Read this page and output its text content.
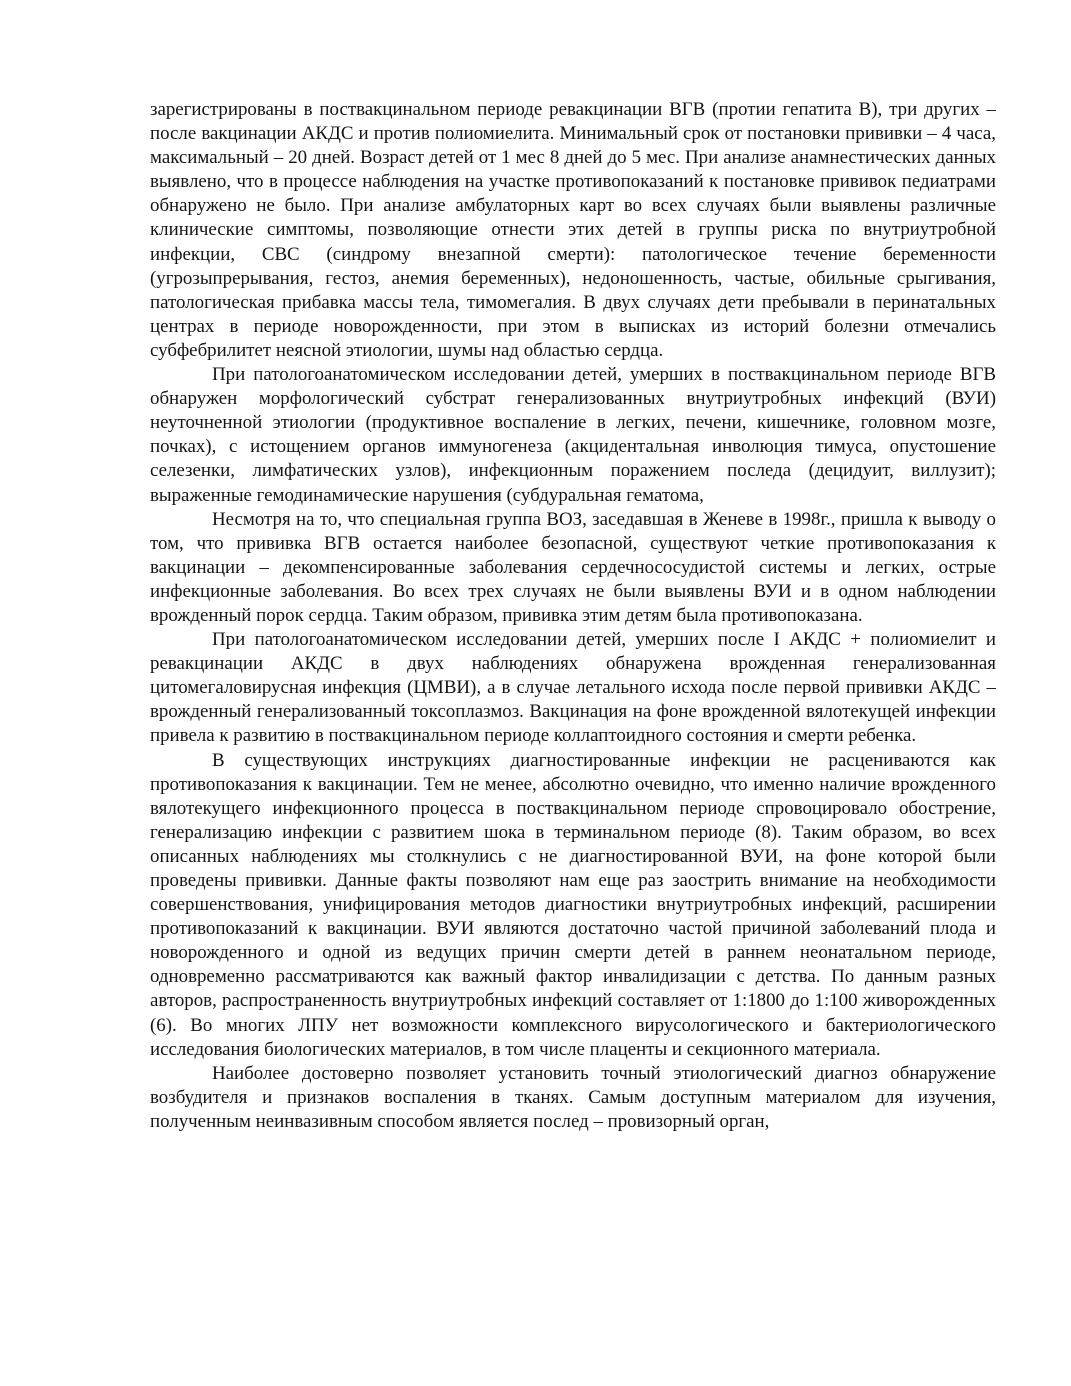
зарегистрированы в поствакцинальном периоде ревакцинации ВГВ (протии гепатита В), три других – после вакцинации АКДС и против полиомиелита. Минимальный срок от постановки прививки – 4 часа, максимальный – 20 дней. Возраст детей от 1 мес 8 дней до 5 мес. При анализе анамнестических данных выявлено, что в процессе наблюдения на участке противопоказаний к постановке прививок педиатрами обнаружено не было. При анализе амбулаторных карт во всех случаях были выявлены различные клинические симптомы, позволяющие отнести этих детей в группы риска по внутриутробной инфекции, СВС (синдрому внезапной смерти): патологическое течение беременности (угрозыпрерывания, гестоз, анемия беременных), недоношенность, частые, обильные срыгивания, патологическая прибавка массы тела, тимомегалия. В двух случаях дети пребывали в перинатальных центрах в периоде новорожденности, при этом в выписках из историй болезни отмечались субфебрилитет неясной этиологии, шумы над областью сердца.

При патологоанатомическом исследовании детей, умерших в поствакцинальном периоде ВГВ обнаружен морфологический субстрат генерализованных внутриутробных инфекций (ВУИ) неуточненной этиологии (продуктивное воспаление в легких, печени, кишечнике, головном мозге, почках), с истощением органов иммуногенеза (акцидентальная инволюция тимуса, опустошение селезенки, лимфатических узлов), инфекционным поражением последа (децидуит, виллузит); выраженные гемодинамические нарушения (субдуральная гематома,

Несмотря на то, что специальная группа ВОЗ, заседавшая в Женеве в 1998г., пришла к выводу о том, что прививка ВГВ остается наиболее безопасной, существуют четкие противопоказания к вакцинации – декомпенсированные заболевания сердечнососудистой системы и легких, острые инфекционные заболевания. Во всех трех случаях не были выявлены ВУИ и в одном наблюдении врожденный порок сердца. Таким образом, прививка этим детям была противопоказана.

При патологоанатомическом исследовании детей, умерших после I АКДС + полиомиелит и ревакцинации АКДС в двух наблюдениях обнаружена врожденная генерализованная цитомегаловирусная инфекция (ЦМВИ), а в случае летального исхода после первой прививки АКДС – врожденный генерализованный токсоплазмоз. Вакцинация на фоне врожденной вялотекущей инфекции привела к развитию в поствакцинальном периоде коллаптоидного состояния и смерти ребенка.

В существующих инструкциях диагностированные инфекции не расцениваются как противопоказания к вакцинации. Тем не менее, абсолютно очевидно, что именно наличие врожденного вялотекущего инфекционного процесса в поствакцинальном периоде спровоцировало обострение, генерализацию инфекции с развитием шока в терминальном периоде (8). Таким образом, во всех описанных наблюдениях мы столкнулись с не диагностированной ВУИ, на фоне которой были проведены прививки. Данные факты позволяют нам еще раз заострить внимание на необходимости совершенствования, унифицирования методов диагностики внутриутробных инфекций, расширении противопоказаний к вакцинации. ВУИ являются достаточно частой причиной заболеваний плода и новорожденного и одной из ведущих причин смерти детей в раннем неонатальном периоде, одновременно рассматриваются как важный фактор инвалидизации с детства. По данным разных авторов, распространенность внутриутробных инфекций составляет от 1:1800 до 1:100 живорожденных (6). Во многих ЛПУ нет возможности комплексного вирусологического и бактериологического исследования биологических материалов, в том числе плаценты и секционного материала.

Наиболее достоверно позволяет установить точный этиологический диагноз обнаружение возбудителя и признаков воспаления в тканях. Самым доступным материалом для изучения, полученным неинвазивным способом является послед – провизорный орган,
